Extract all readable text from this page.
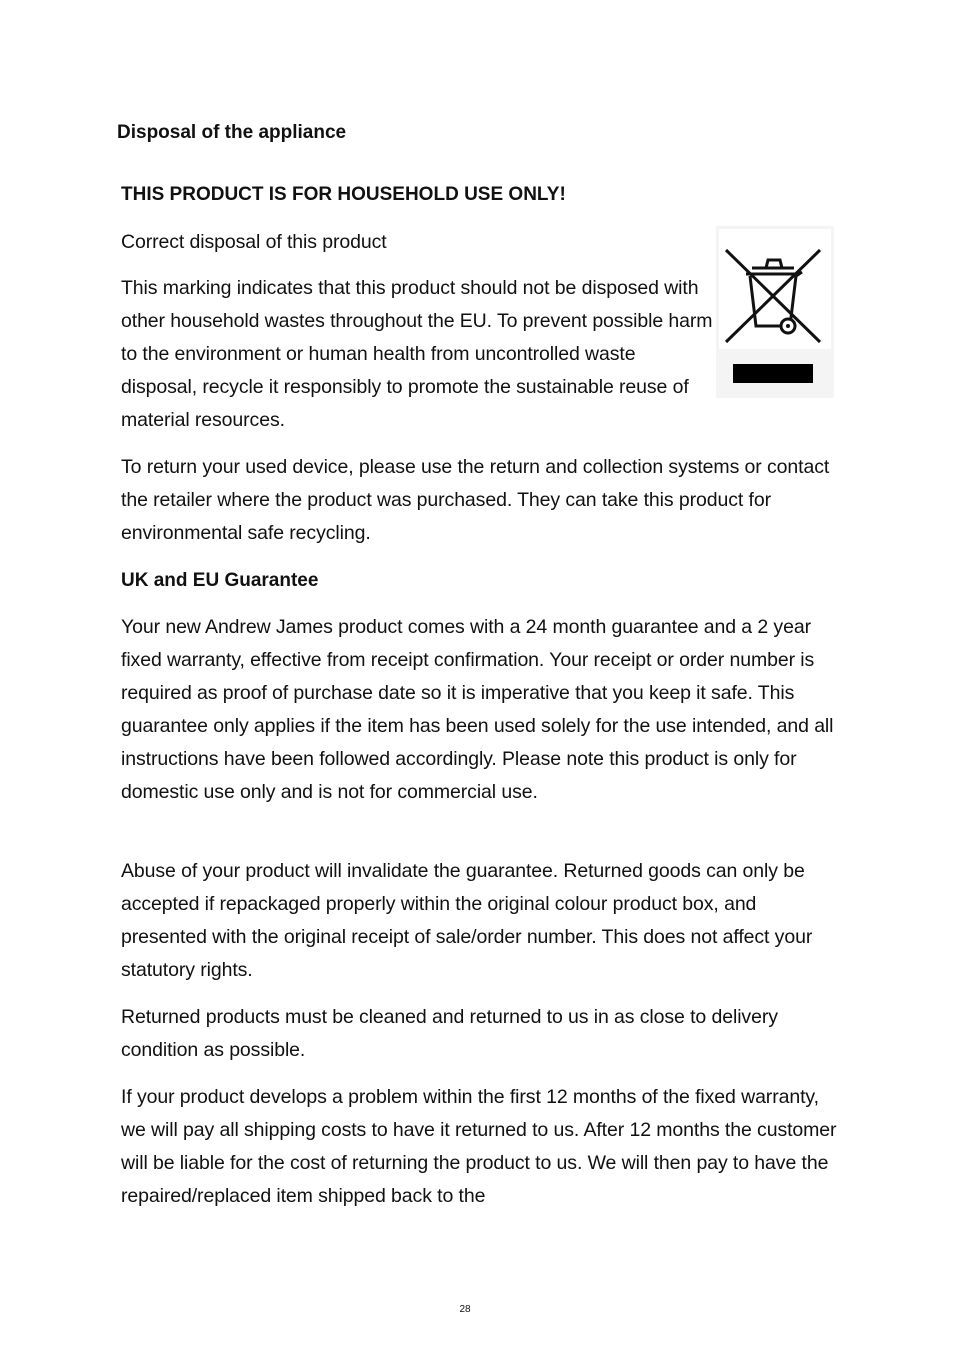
Disposal of the appliance
THIS PRODUCT IS FOR HOUSEHOLD USE ONLY!

Correct disposal of this product

This marking indicates that this product should not be disposed with other household wastes throughout the EU. To prevent possible harm to the environment or human health from uncontrolled waste disposal, recycle it responsibly to promote the sustainable reuse of material resources.

To return your used device, please use the return and collection systems or contact the retailer where the product was purchased. They can take this product for environmental safe recycling.

UK and EU Guarantee

Your new Andrew James product comes with a 24 month guarantee and a 2 year fixed warranty, effective from receipt confirmation. Your receipt or order number is required as proof of purchase date so it is imperative that you keep it safe. This guarantee only applies if the item has been used solely for the use intended, and all instructions have been followed accordingly. Please note this product is only for domestic use only and is not for commercial use.

Abuse of your product will invalidate the guarantee. Returned goods can only be accepted if repackaged properly within the original colour product box, and presented with the original receipt of sale/order number. This does not affect your statutory rights.

Returned products must be cleaned and returned to us in as close to delivery condition as possible.

If your product develops a problem within the first 12 months of the fixed warranty, we will pay all shipping costs to have it returned to us. After 12 months the customer will be liable for the cost of returning the product to us. We will then pay to have the repaired/replaced item shipped back to the

28
